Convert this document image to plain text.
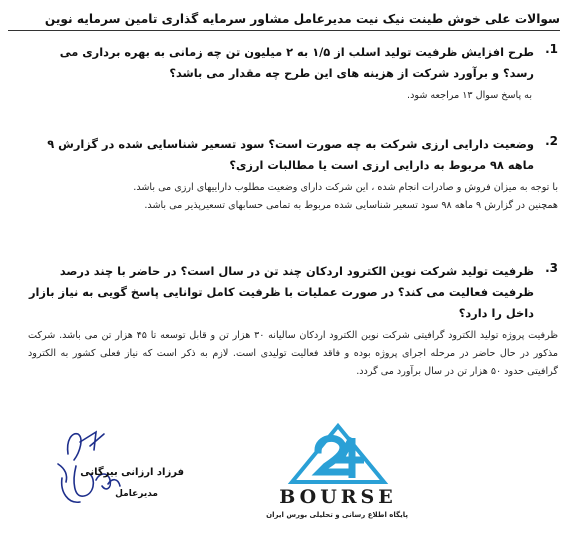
سوالات علی خوش طینت نیک نیت مدیرعامل مشاور سرمایه گذاری تامین سرمایه نوین
1.
طرح افزایش ظرفیت تولید اسلب از ۱/۵ به ۲ میلیون تن چه زمانی به بهره برداری می رسد؟ و برآورد شرکت از هزینه های این طرح چه مقدار می باشد؟

به پاسخ سوال ۱۳ مراجعه شود.

2.
وضعیت دارایی ارزی شرکت به چه صورت است؟ سود تسعیر شناسایی شده در گزارش ۹ ماهه ۹۸ مربوط به دارایی ارزی است یا مطالبات ارزی؟

با توجه به میزان فروش و صادرات انجام شده ، این شرکت دارای وضعیت مطلوب داراییهای ارزی می باشد.

همچنین در گزارش ۹ ماهه ۹۸ سود تسعیر شناسایی شده مربوط به تمامی حسابهای تسعیرپذیر می باشد.

3.
ظرفیت تولید شرکت نوین الکترود اردکان چند تن در سال است؟ در حاضر با چند درصد ظرفیت فعالیت می کند؟ در صورت عملیات با ظرفیت کامل توانایی پاسخ گویی به نیاز بازار داخل را دارد؟

ظرفیت پروژه تولید الکترود گرافیتی شرکت نوین الکترود اردکان سالیانه ۳۰ هزار تن و قابل توسعه تا ۴۵ هزار تن می باشد. شرکت مذکور در حال حاضر در مرحله اجرای پروژه بوده و فاقد فعالیت تولیدی است. لازم به ذکر است که نیاز فعلی کشور به الکترود گرافیتی حدود ۵۰ هزار تن در سال برآورد می گردد.

BOURSE
پایگاه اطلاع رسانی و تحلیلی بورس ایران
فرزاد ارزانی بیرگانی
مدیرعامل
